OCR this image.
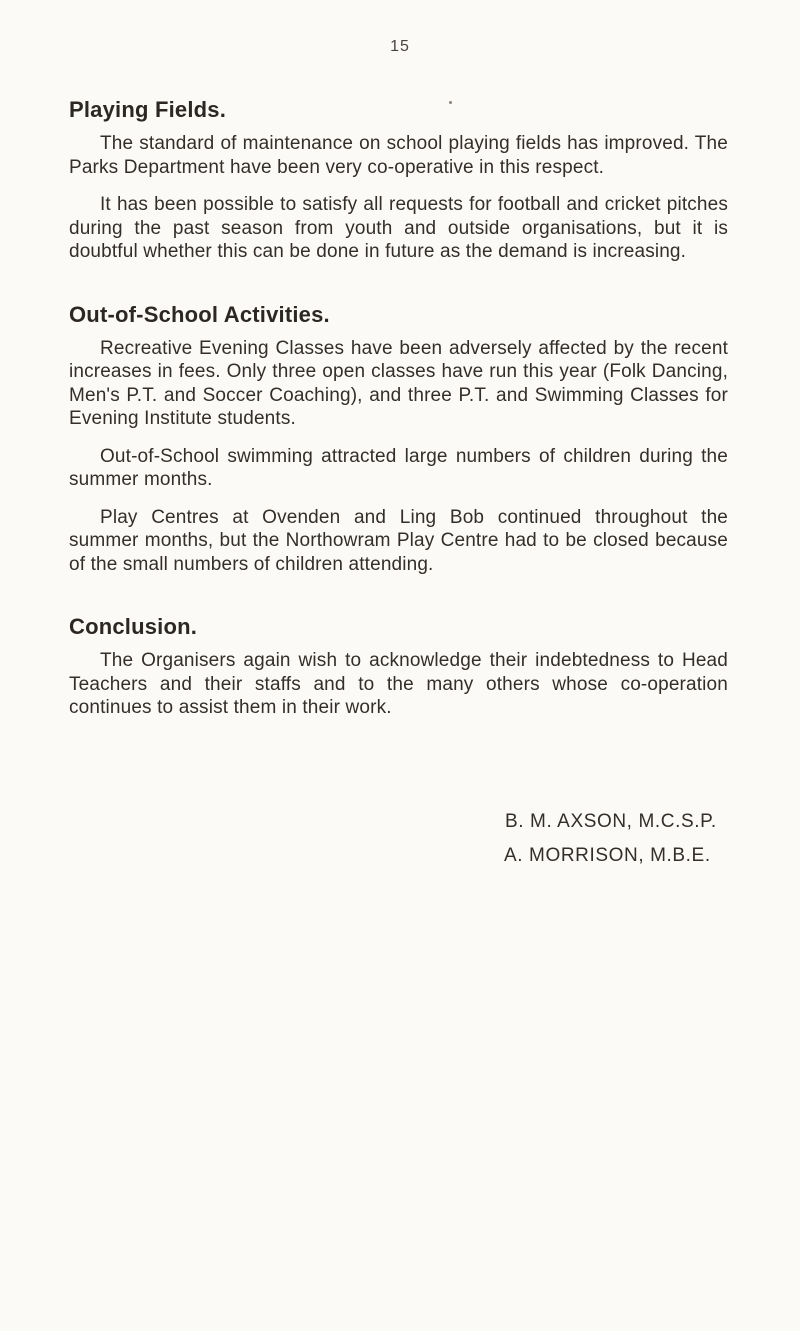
15
Playing Fields.

The standard of maintenance on school playing fields has improved. The Parks Department have been very co-operative in this respect.

It has been possible to satisfy all requests for football and cricket pitches during the past season from youth and outside organisations, but it is doubtful whether this can be done in future as the demand is increasing.

Out-of-School Activities.

Recreative Evening Classes have been adversely affected by the recent increases in fees. Only three open classes have run this year (Folk Dancing, Men's P.T. and Soccer Coaching), and three P.T. and Swimming Classes for Evening Institute students.

Out-of-School swimming attracted large numbers of children during the summer months.

Play Centres at Ovenden and Ling Bob continued throughout the summer months, but the Northowram Play Centre had to be closed because of the small numbers of children attending.

Conclusion.

The Organisers again wish to acknowledge their indebtedness to Head Teachers and their staffs and to the many others whose co-operation continues to assist them in their work.

B. M. AXSON, M.C.S.P.
A. MORRISON, M.B.E.
